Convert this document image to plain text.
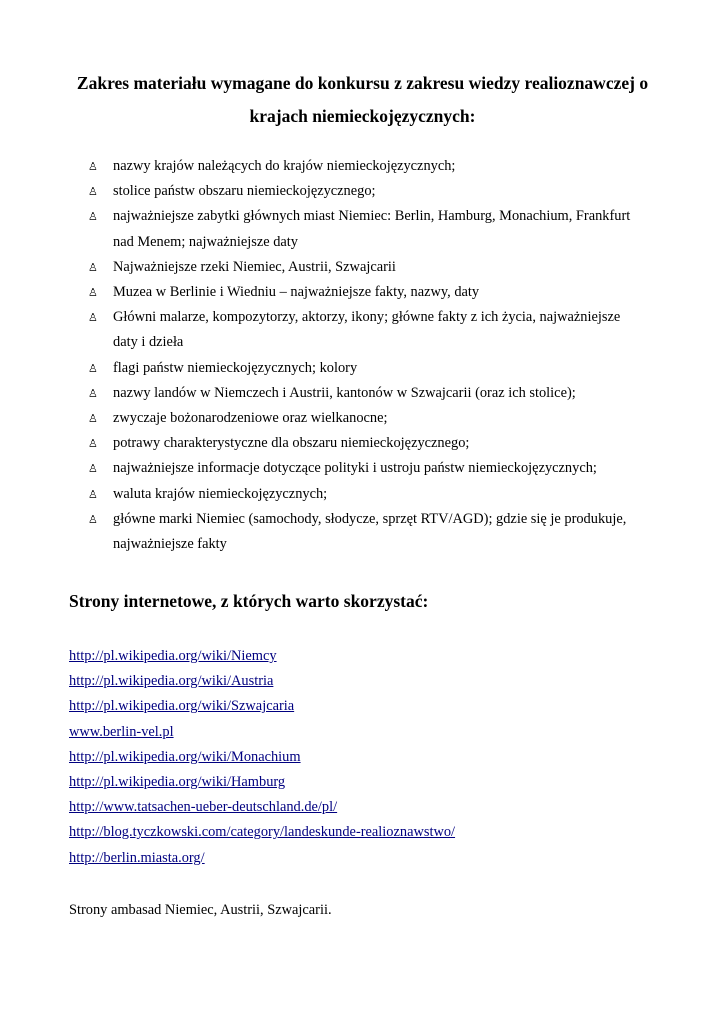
Zakres materiału wymagane do konkursu z zakresu wiedzy realioznawczej o krajach niemieckojęzycznych:
♙ nazwy krajów należących do krajów niemieckojęzycznych;
♙ stolice państw obszaru niemieckojęzycznego;
♙ najważniejsze zabytki głównych miast Niemiec: Berlin, Hamburg, Monachium, Frankfurt nad Menem; najważniejsze daty
♙ Najważniejsze rzeki Niemiec, Austrii, Szwajcarii
♙ Muzea w Berlinie i Wiedniu – najważniejsze fakty, nazwy, daty
♙ Główni malarze, kompozytorzy, aktorzy, ikony; główne fakty z ich życia, najważniejsze daty i dzieła
♙ flagi państw niemieckojęzycznych; kolory
♙ nazwy landów w Niemczech i Austrii, kantonów w Szwajcarii (oraz ich stolice);
♙ zwyczaje bożonarodzeniowe oraz wielkanocne;
♙ potrawy charakterystyczne dla obszaru niemieckojęzycznego;
♙ najważniejsze informacje dotyczące polityki i ustroju państw niemieckojęzycznych;
♙ waluta krajów niemieckojęzycznych;
♙ główne marki Niemiec (samochody, słodycze, sprzęt RTV/AGD); gdzie się je produkuje, najważniejsze fakty
Strony internetowe, z których warto skorzystać:
http://pl.wikipedia.org/wiki/Niemcy
http://pl.wikipedia.org/wiki/Austria
http://pl.wikipedia.org/wiki/Szwajcaria
www.berlin-vel.pl
http://pl.wikipedia.org/wiki/Monachium
http://pl.wikipedia.org/wiki/Hamburg
http://www.tatsachen-ueber-deutschland.de/pl/
http://blog.tyczkowski.com/category/landeskunde-realioznawstwo/
http://berlin.miasta.org/
Strony ambasad Niemiec, Austrii, Szwajcarii.
